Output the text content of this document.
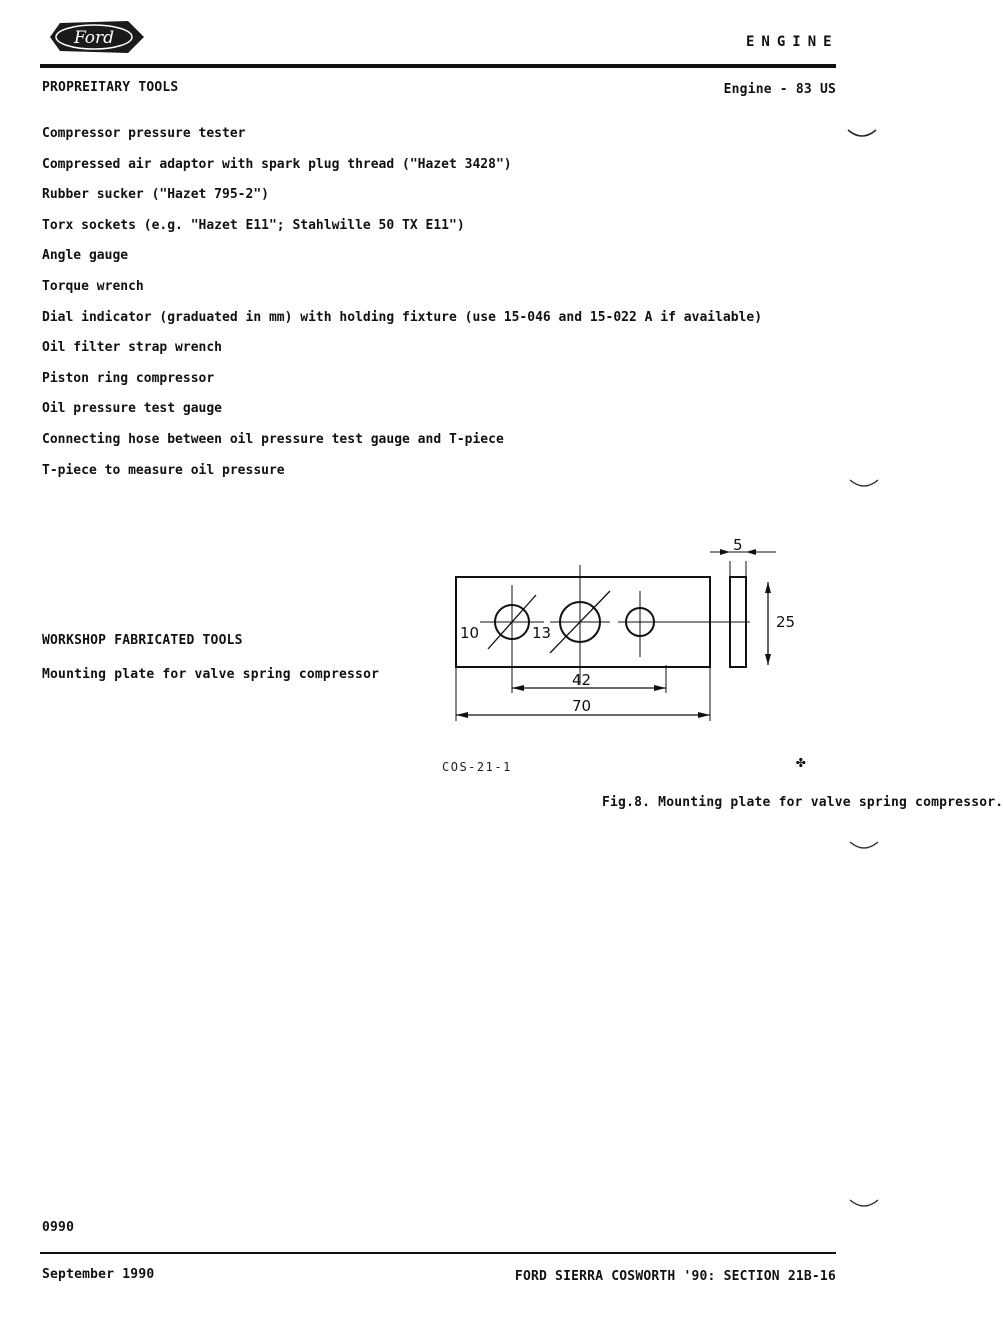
Ford	ENGINE
PROPREITARY TOOLS	Engine - 83 US
Compressor pressure tester
Compressed air adaptor with spark plug thread ("Hazet 3428")
Rubber sucker ("Hazet 795-2")
Torx sockets (e.g. "Hazet E11"; Stahlwille 50 TX E11")
Angle gauge
Torque wrench
Dial indicator (graduated in mm) with holding fixture (use 15-046 and 15-022 A if available)
Oil filter strap wrench
Piston ring compressor
Oil pressure test gauge
Connecting hose between oil pressure test gauge and T-piece
T-piece to measure oil pressure
WORKSHOP FABRICATED TOOLS
Mounting plate for valve spring compressor
5
25
10	13
42
70
COS-21-1	✤
Fig.8. Mounting plate for valve spring compressor.
0990
September 1990	FORD SIERRA COSWORTH '90: SECTION 21B-16
